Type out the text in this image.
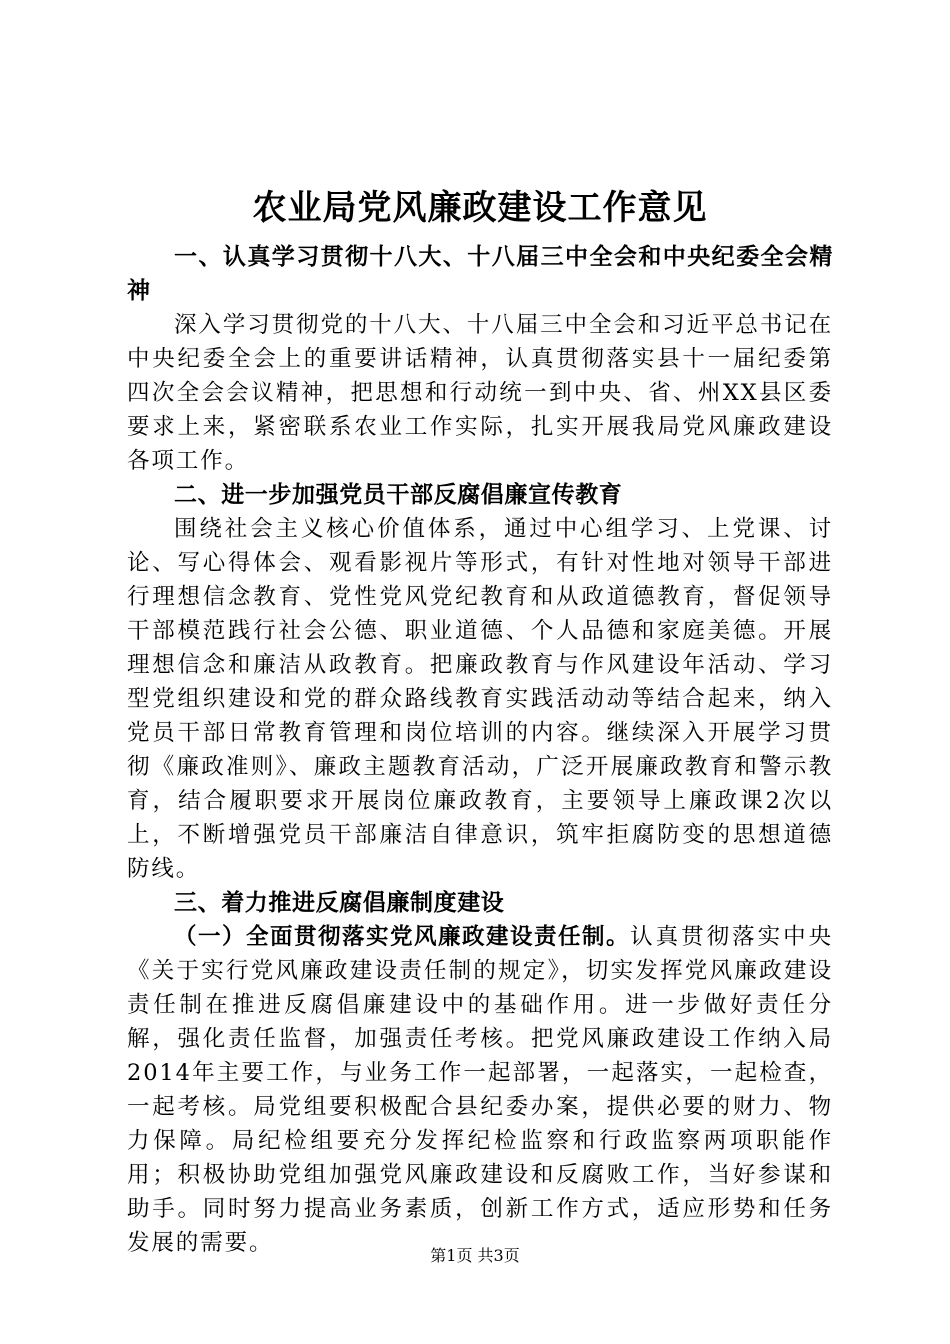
农业局党风廉政建设工作意见

一、认真学习贯彻十八大、十八届三中全会和中央纪委全会精神

深入学习贯彻党的十八大、十八届三中全会和习近平总书记在中央纪委全会上的重要讲话精神，认真贯彻落实县十一届纪委第四次全会会议精神，把思想和行动统一到中央、省、州XX县区委要求上来，紧密联系农业工作实际，扎实开展我局党风廉政建设各项工作。

二、进一步加强党员干部反腐倡廉宣传教育

围绕社会主义核心价值体系，通过中心组学习、上党课、讨论、写心得体会、观看影视片等形式，有针对性地对领导干部进行理想信念教育、党性党风党纪教育和从政道德教育，督促领导干部模范践行社会公德、职业道德、个人品德和家庭美德。开展理想信念和廉洁从政教育。把廉政教育与作风建设年活动、学习型党组织建设和党的群众路线教育实践活动动等结合起来，纳入党员干部日常教育管理和岗位培训的内容。继续深入开展学习贯彻《廉政准则》、廉政主题教育活动，广泛开展廉政教育和警示教育，结合履职要求开展岗位廉政教育，主要领导上廉政课2次以上，不断增强党员干部廉洁自律意识，筑牢拒腐防变的思想道德防线。

三、着力推进反腐倡廉制度建设

（一）全面贯彻落实党风廉政建设责任制。认真贯彻落实中央《关于实行党风廉政建设责任制的规定》，切实发挥党风廉政建设责任制在推进反腐倡廉建设中的基础作用。进一步做好责任分解，强化责任监督，加强责任考核。把党风廉政建设工作纳入局2014年主要工作，与业务工作一起部署，一起落实，一起检查，一起考核。局党组要积极配合县纪委办案，提供必要的财力、物力保障。局纪检组要充分发挥纪检监察和行政监察两项职能作用；积极协助党组加强党风廉政建设和反腐败工作，当好参谋和助手。同时努力提高业务素质，创新工作方式，适应形势和任务发展的需要。	第1页 共3页
